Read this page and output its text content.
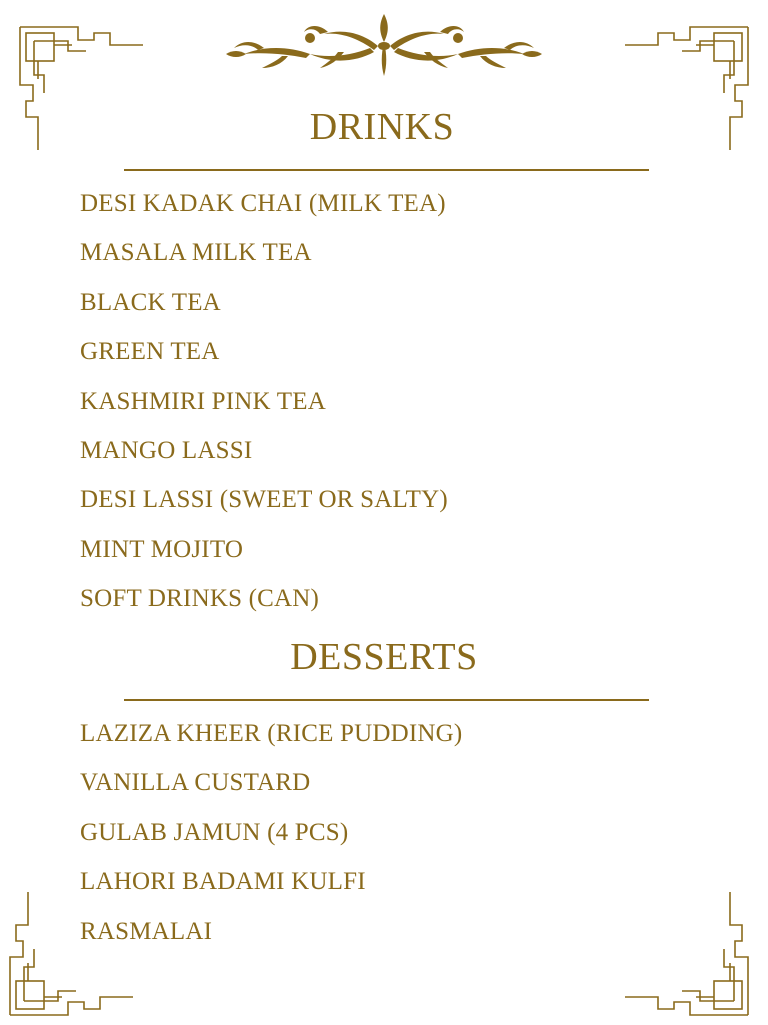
DRINKS
DESI KADAK CHAI (MILK TEA)
MASALA MILK TEA
BLACK TEA
GREEN TEA
KASHMIRI PINK TEA
MANGO LASSI
DESI LASSI (SWEET OR SALTY)
MINT MOJITO
SOFT DRINKS (CAN)
DESSERTS
LAZIZA KHEER (RICE PUDDING)
VANILLA CUSTARD
GULAB JAMUN (4 PCS)
LAHORI BADAMI KULFI
RASMALAI
